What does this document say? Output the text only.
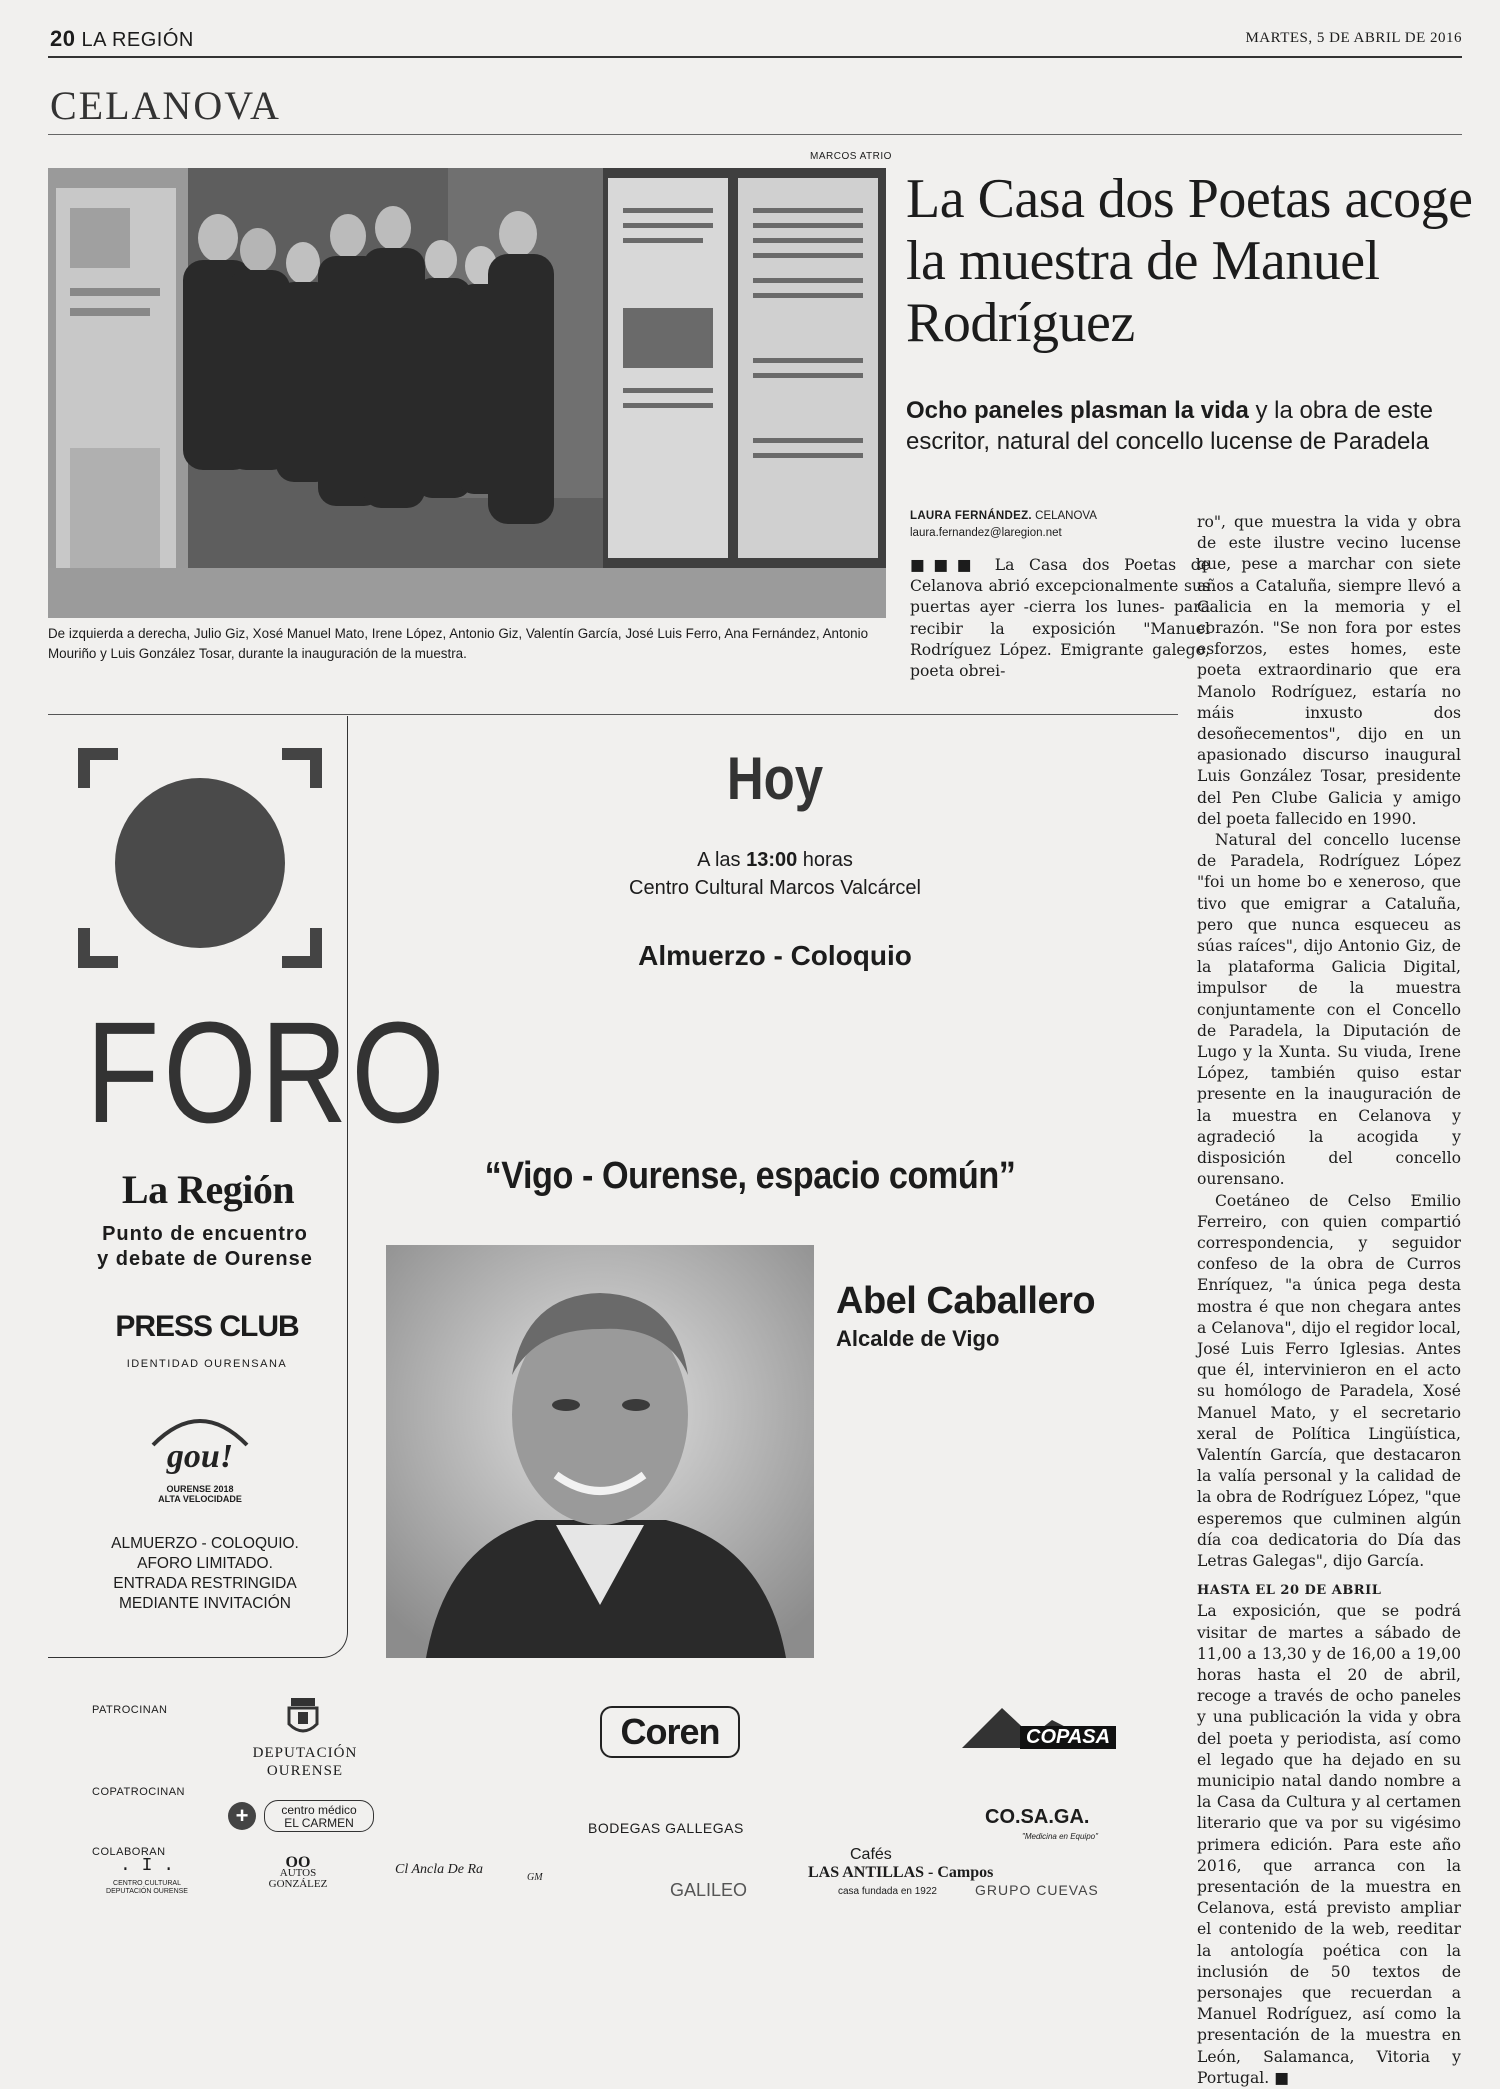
20 LA REGIÓN	MARTES, 5 DE ABRIL DE 2016
CELANOVA
MARCOS ATRIO
De izquierda a derecha, Julio Giz, Xosé Manuel Mato, Irene López, Antonio Giz, Valentín García, José Luis Ferro, Ana Fernández, Antonio Mouriño y Luis González Tosar, durante la inauguración de la muestra.
La Casa dos Poetas acoge la muestra de Manuel Rodríguez
Ocho paneles plasman la vida y la obra de este escritor, natural del concello lucense de Paradela
LAURA FERNÁNDEZ. CELANOVA
laura.fernandez@laregion.net

■■■ La Casa dos Poetas de Celanova abrió excepcionalmente sus puertas ayer -cierra los lunes- para recibir la exposición "Manuel Rodríguez López. Emigrante galego, poeta obrei-

ro", que muestra la vida y obra de este ilustre vecino lucense que, pese a marchar con siete años a Cataluña, siempre llevó a Galicia en la memoria y el corazón. "Se non fora por estes esforzos, estes homes, este poeta extraordinario que era Manolo Rodríguez, estaría no máis inxusto dos desoñecementos", dijo en un apasionado discurso inaugural Luis González Tosar, presidente del Pen Clube Galicia y amigo del poeta fallecido en 1990.

Natural del concello lucense de Paradela, Rodríguez López "foi un home bo e xeneroso, que tivo que emigrar a Cataluña, pero que nunca esqueceu as súas raíces", dijo Antonio Giz, de la plataforma Galicia Digital, impulsor de la muestra conjuntamente con el Concello de Paradela, la Diputación de Lugo y la Xunta. Su viuda, Irene López, también quiso estar presente en la inauguración de la muestra en Celanova y agradeció la acogida y disposición del concello ourensano.

Coetáneo de Celso Emilio Ferreiro, con quien compartió correspondencia, y seguidor confeso de la obra de Curros Enríquez, "a única pega desta mostra é que non chegara antes a Celanova", dijo el regidor local, José Luis Ferro Iglesias. Antes que él, intervinieron en el acto su homólogo de Paradela, Xosé Manuel Mato, y el secretario xeral de Política Lingüística, Valentín García, que destacaron la valía personal y la calidad de la obra de Rodríguez López, "que esperemos que culminen algún día coa dedicatoria do Día das Letras Galegas", dijo García.

HASTA EL 20 DE ABRIL

La exposición, que se podrá visitar de martes a sábado de 11,00 a 13,30 y de 16,00 a 19,00 horas hasta el 20 de abril, recoge a través de ocho paneles y una publicación la vida y obra del poeta y periodista, así como el legado que ha dejado en su municipio natal dando nombre a la Casa da Cultura y al certamen literario que va por su vigésimo primera edición. Para este año 2016, que arranca con la presentación de la muestra en Celanova, está previsto ampliar el contenido de la web, reeditar la antología poética con la inclusión de 50 textos de personajes que recuerdan a Manuel Rodríguez, así como la presentación de la muestra en León, Salamanca, Vitoria y Portugal. ■

FORO
La Región
Punto de encuentro
y debate de Ourense
PRESS CLUB
IDENTIDAD OURENSANA
gou!
OURENSE 2018
ALTA VELOCIDADE
ALMUERZO - COLOQUIO.
AFORO LIMITADO.
ENTRADA RESTRINGIDA
MEDIANTE INVITACIÓN
Hoy
A las 13:00 horas
Centro Cultural Marcos Valcárcel
Almuerzo - Coloquio
“Vigo - Ourense, espacio común”
Abel Caballero
Alcalde de Vigo
PATROCINAN
COPATROCINAN
COLABORAN
DEPUTACIÓN
OURENSE
Coren	COPASA
+	centro médico
EL CARMEN	BODEGAS GALLEGAS	CO.SA.GA.
"Medicina en Equipo"
. I .
CENTRO CULTURAL
DEPUTACIÓN OURENSE
OO
AUTOS
GONZÁLEZ
Cl Ancla De Ra
GM
GALILEO
Cafés
LAS ANTILLAS - Campos
casa fundada en 1922	GRUPO CUEVAS
